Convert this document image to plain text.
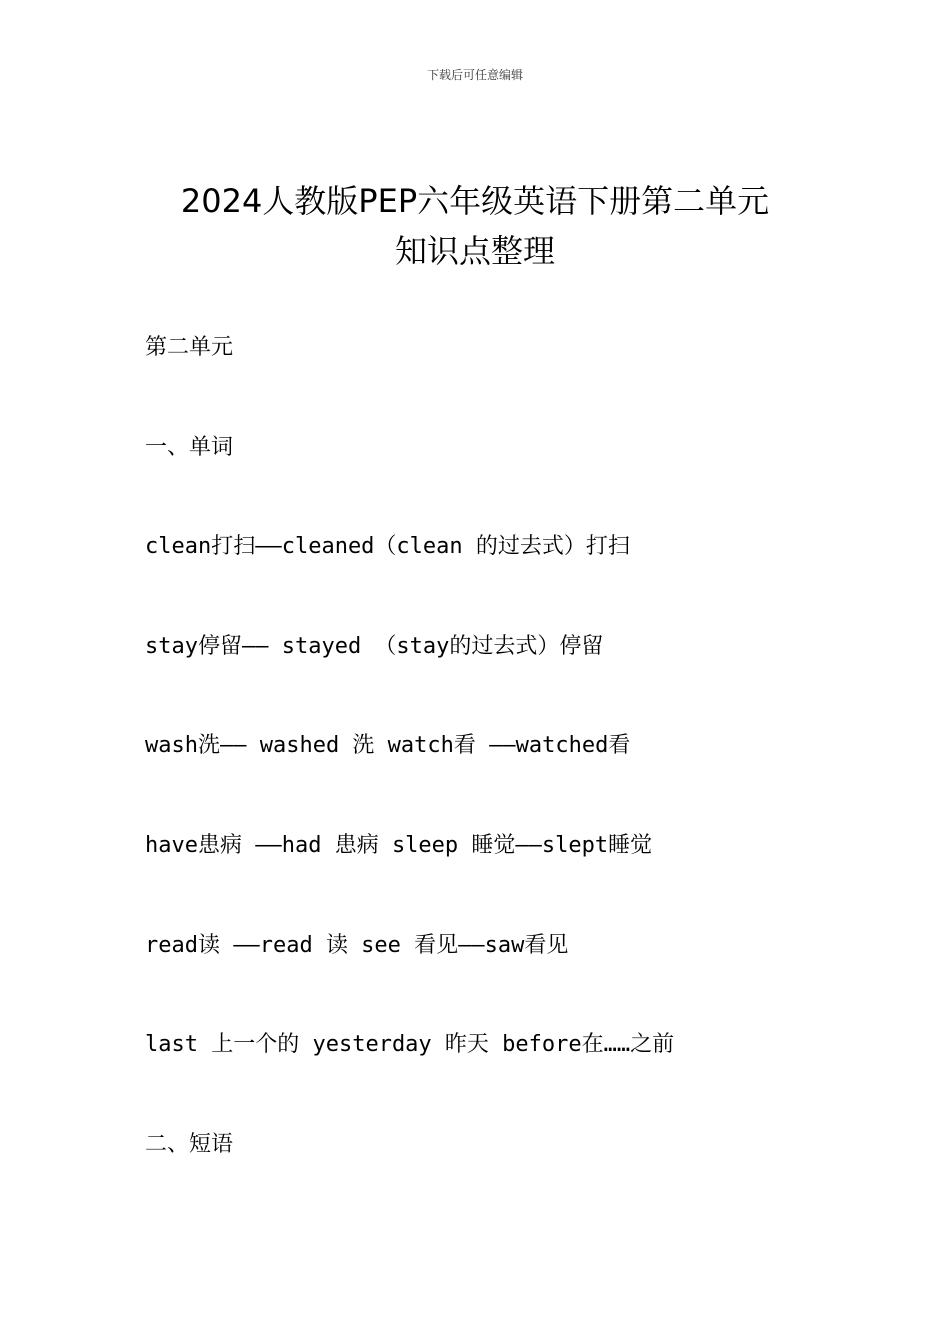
下载后可任意编辑
2024人教版PEP六年级英语下册第二单元
知识点整理
第二单元
一、单词
clean打扫——cleaned（clean 的过去式）打扫
stay停留—— stayed （stay的过去式）停留
wash洗—— washed 洗 watch看 ——watched看
have患病 ——had 患病 sleep 睡觉——slept睡觉
read读 ——read 读 see 看见——saw看见
last 上一个的 yesterday 昨天 before在……之前
二、短语
